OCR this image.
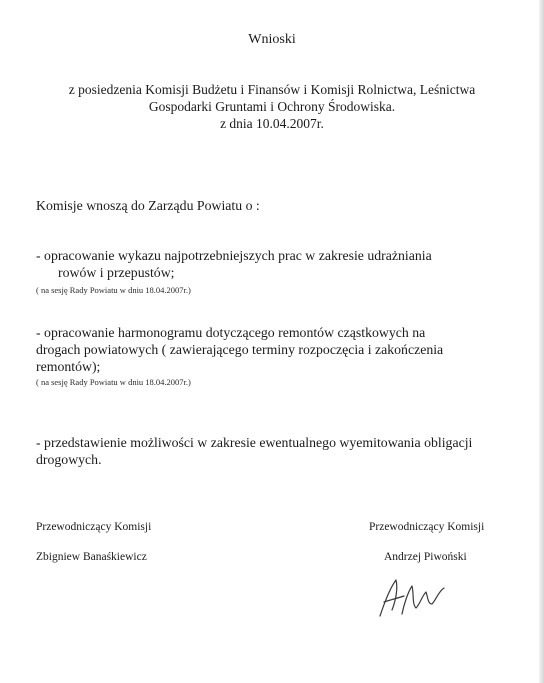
Wnioski
z posiedzenia Komisji Budżetu i Finansów i Komisji Rolnictwa, Leśnictwa
Gospodarki Gruntami i Ochrony Środowiska.
z dnia 10.04.2007r.
Komisje wnoszą do Zarządu Powiatu o :
- opracowanie wykazu najpotrzebniejszych prac w zakresie udrażniania
rowów i przepustów;
( na sesję Rady Powiatu w dniu 18.04.2007r.)
- opracowanie harmonogramu dotyczącego remontów cząstkowych na
drogach powiatowych ( zawierającego terminy rozpoczęcia i zakończenia
remontów);
( na sesję Rady Powiatu w dniu 18.04.2007r.)
- przedstawienie możliwości w zakresie ewentualnego wyemitowania obligacji
drogowych.
Przewodniczący Komisji
Zbigniew Banaśkiewicz
Przewodniczący Komisji
Andrzej Piwoński
